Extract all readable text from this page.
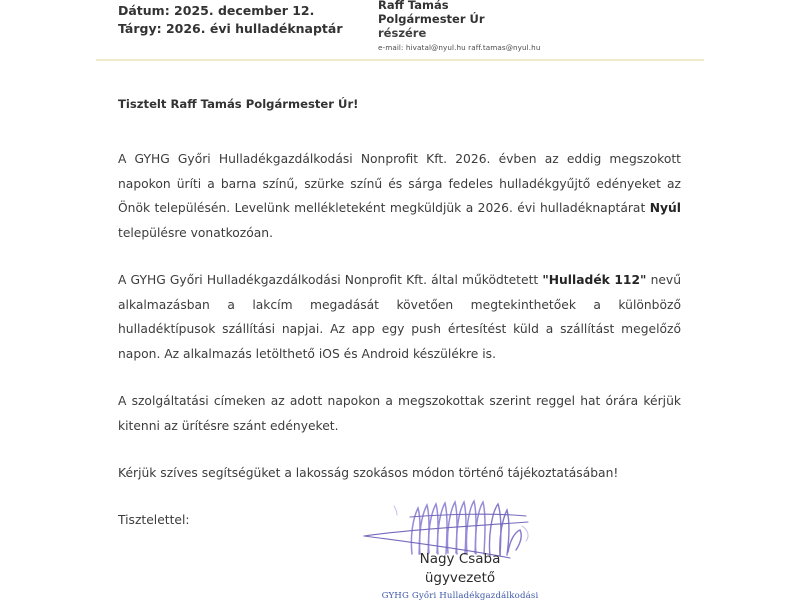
Dátum: 2025. december 12.
Tárgy: 2026. évi hulladéknaptár
Raff Tamás
Polgármester Úr
részére
e-mail: hivatal@nyul.hu raff.tamas@nyul.hu
Tisztelt Raff Tamás Polgármester Úr!

A GYHG Győri Hulladékgazdálkodási Nonprofit Kft. 2026. évben az eddig megszokott napokon üríti a barna színű, szürke színű és sárga fedeles hulladékgyűjtő edényeket az Önök településén. Levelünk mellékleteként megküldjük a 2026. évi hulladéknaptárat Nyúl településre vonatkozóan.

A GYHG Győri Hulladékgazdálkodási Nonprofit Kft. által működtetett "Hulladék 112" nevű alkalmazásban a lakcím megadását követően megtekinthetőek a különböző hulladéktípusok szállítási napjai. Az app egy push értesítést küld a szállítást megelőző napon. Az alkalmazás letölthető iOS és Android készülékre is.

A szolgáltatási címeken az adott napokon a megszokottak szerint reggel hat órára kérjük kitenni az ürítésre szánt edényeket.

Kérjük szíves segítségüket a lakosság szokásos módon történő tájékoztatásában!

Tisztelettel:
Nagy Csaba
ügyvezető
GYHG Győri Hulladékgazdálkodási
